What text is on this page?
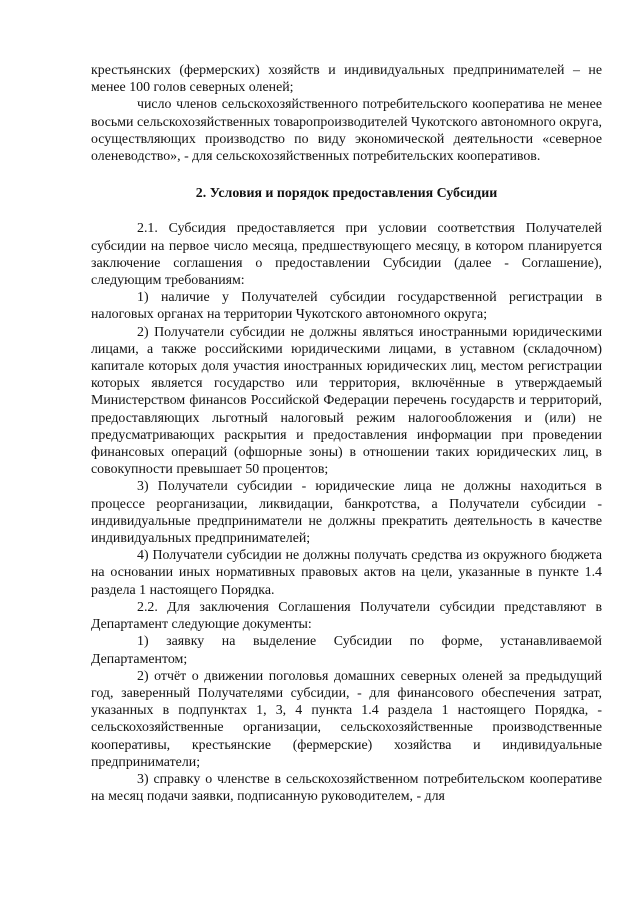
крестьянских (фермерских) хозяйств и индивидуальных предпринимателей – не менее 100 голов северных оленей;

число членов сельскохозяйственного потребительского кооператива не менее восьми сельскохозяйственных товаропроизводителей Чукотского автономного округа, осуществляющих производство по виду экономической деятельности «северное оленеводство», - для сельскохозяйственных потребительских кооперативов.

2. Условия и порядок предоставления Субсидии

2.1. Субсидия предоставляется при условии соответствия Получателей субсидии на первое число месяца, предшествующего месяцу, в котором планируется заключение соглашения о предоставлении Субсидии (далее - Соглашение), следующим требованиям:

1) наличие у Получателей субсидии государственной регистрации в налоговых органах на территории Чукотского автономного округа;

2) Получатели субсидии не должны являться иностранными юридическими лицами, а также российскими юридическими лицами, в уставном (складочном) капитале которых доля участия иностранных юридических лиц, местом регистрации которых является государство или территория, включённые в утверждаемый Министерством финансов Российской Федерации перечень государств и территорий, предоставляющих льготный налоговый режим налогообложения и (или) не предусматривающих раскрытия и предоставления информации при проведении финансовых операций (офшорные зоны) в отношении таких юридических лиц, в совокупности превышает 50 процентов;

3) Получатели субсидии - юридические лица не должны находиться в процессе реорганизации, ликвидации, банкротства, а Получатели субсидии - индивидуальные предприниматели не должны прекратить деятельность в качестве индивидуальных предпринимателей;

4) Получатели субсидии не должны получать средства из окружного бюджета на основании иных нормативных правовых актов на цели, указанные в пункте 1.4 раздела 1 настоящего Порядка.

2.2. Для заключения Соглашения Получатели субсидии представляют в Департамент следующие документы:

1) заявку на выделение Субсидии по форме, устанавливаемой Департаментом;

2) отчёт о движении поголовья домашних северных оленей за предыдущий год, заверенный Получателями субсидии, - для финансового обеспечения затрат, указанных в подпунктах 1, 3, 4 пункта 1.4 раздела 1 настоящего Порядка, - сельскохозяйственные организации, сельскохозяйственные производственные кооперативы, крестьянские (фермерские) хозяйства и индивидуальные предприниматели;

3) справку о членстве в сельскохозяйственном потребительском кооперативе на месяц подачи заявки, подписанную руководителем, - для
